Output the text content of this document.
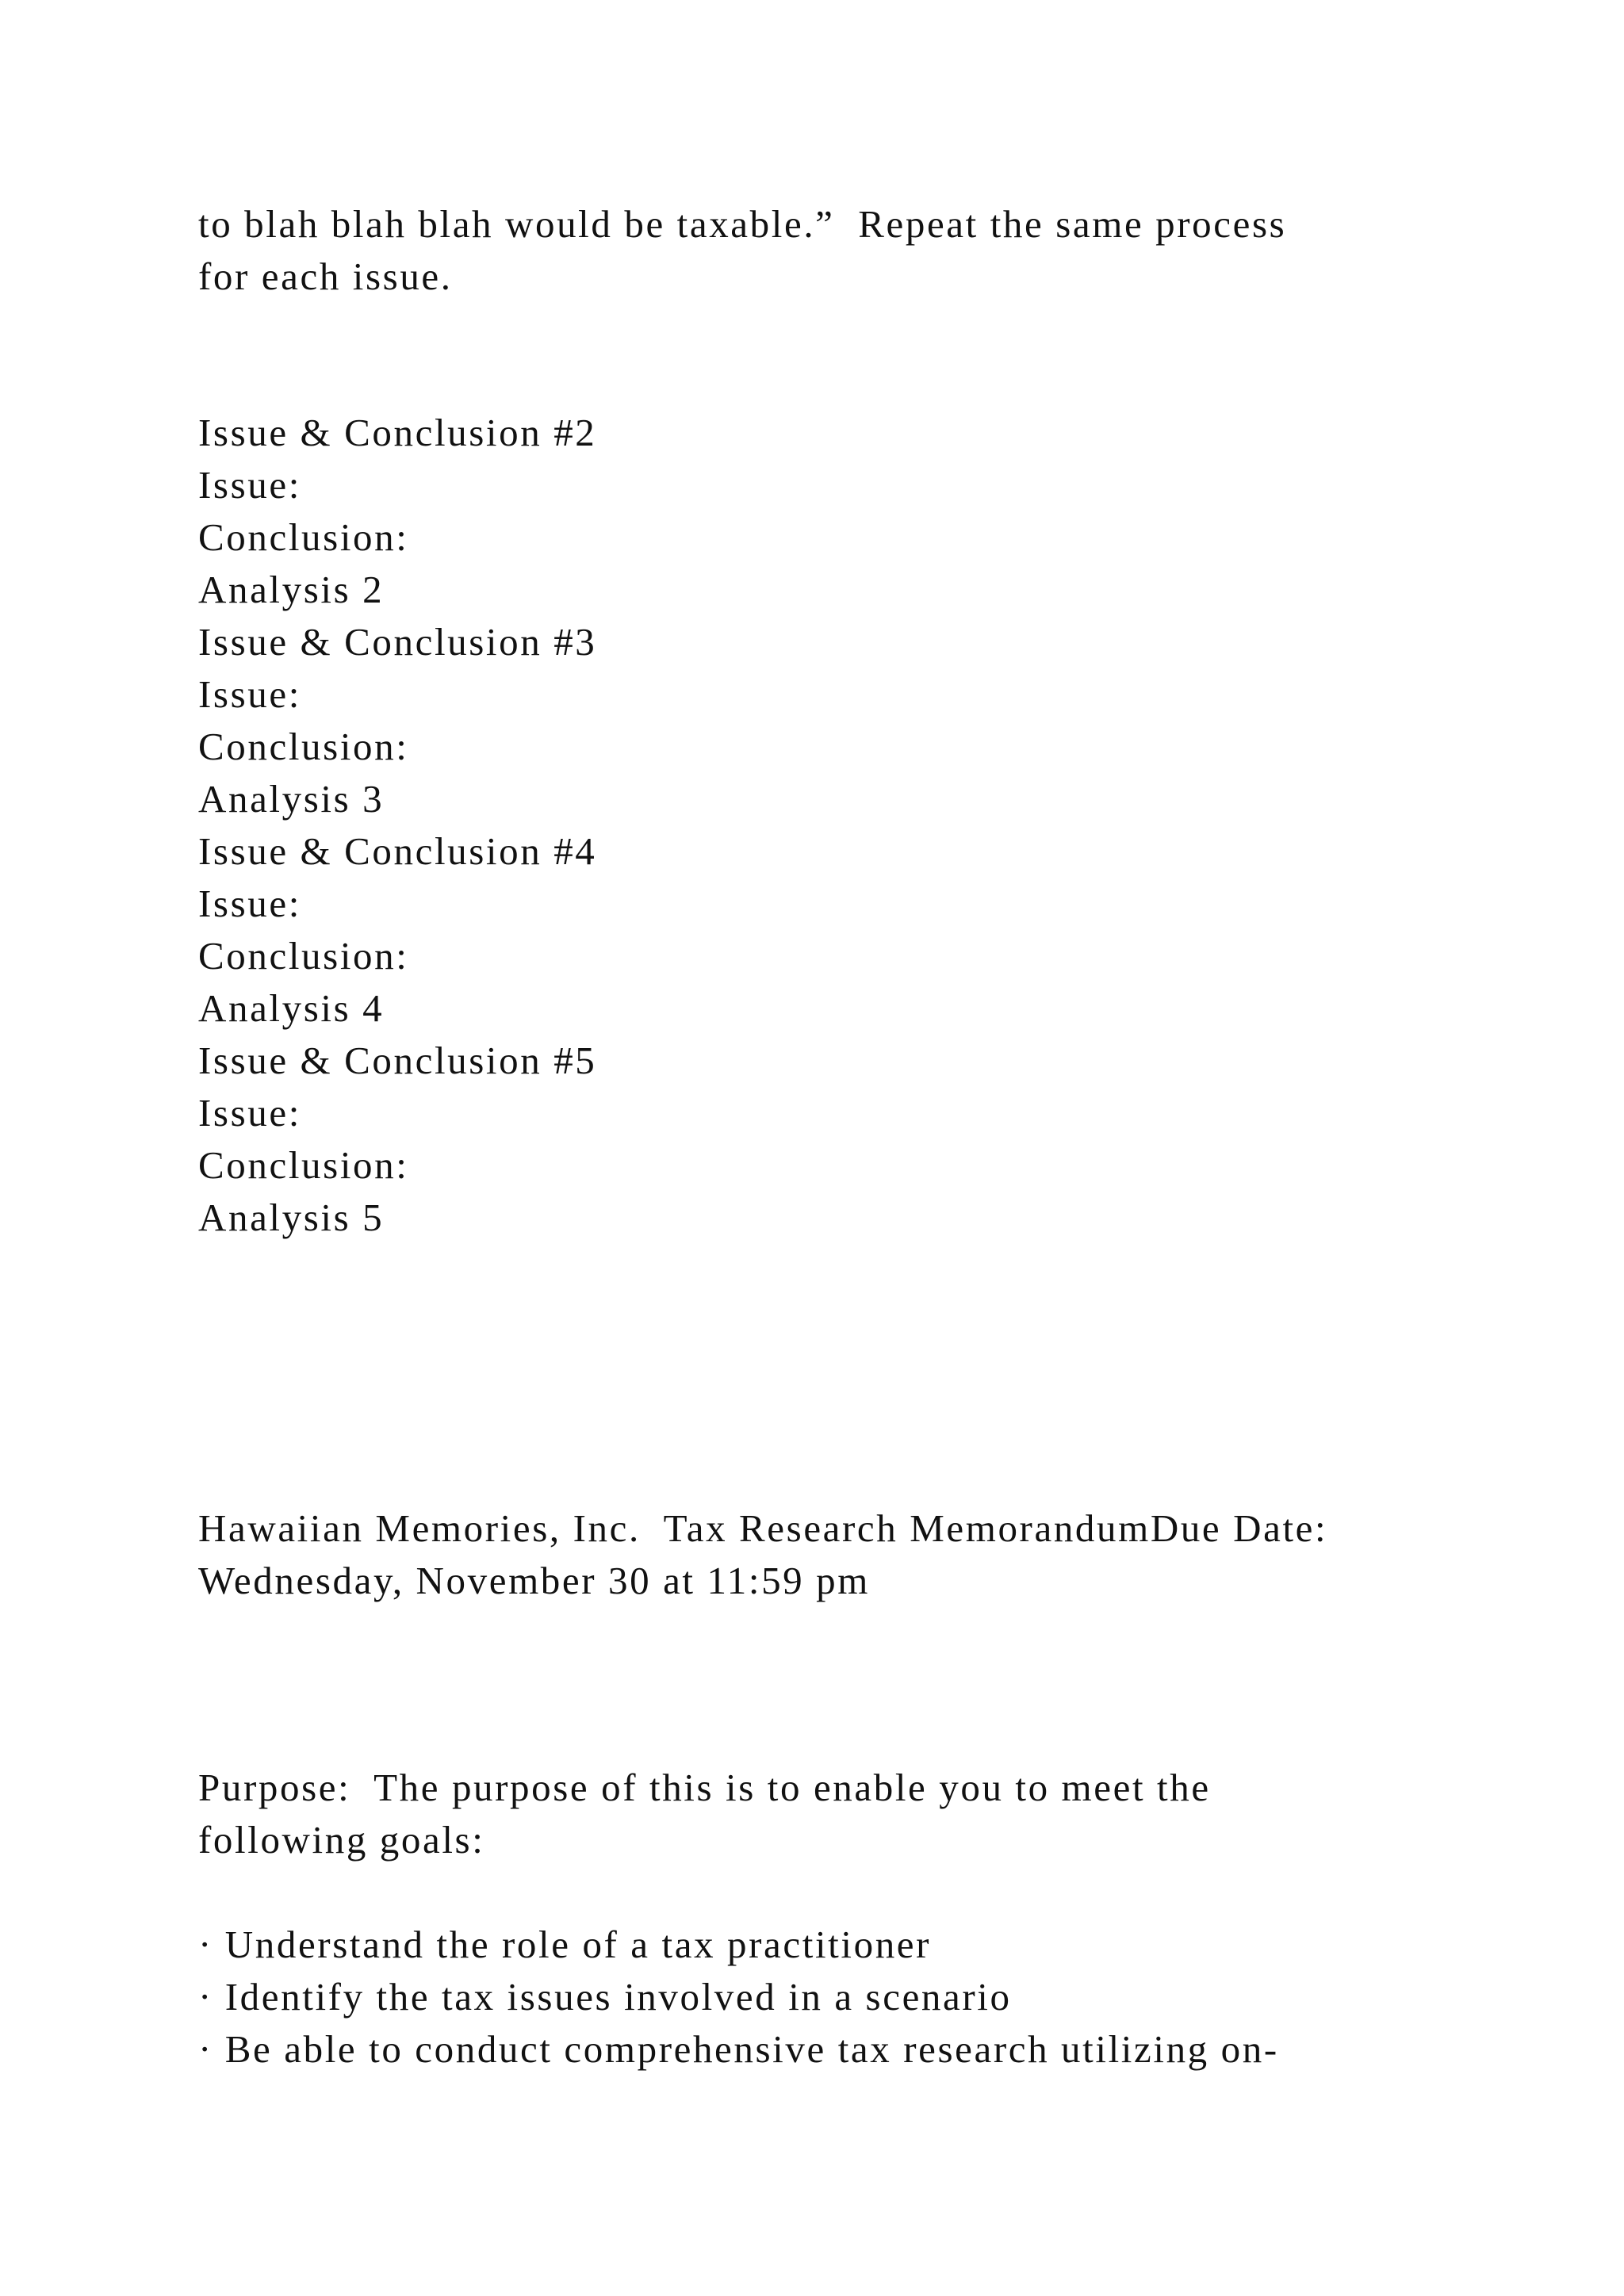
to blah blah blah would be taxable.”  Repeat the same process

for each issue.

Issue & Conclusion #2

Issue:

Conclusion:

Analysis 2

Issue & Conclusion #3

Issue:

Conclusion:

Analysis 3

Issue & Conclusion #4

Issue:

Conclusion:

Analysis 4

Issue & Conclusion #5

Issue:

Conclusion:

Analysis 5

Hawaiian Memories, Inc.  Tax Research MemorandumDue Date:

Wednesday, November 30 at 11:59 pm

Purpose:  The purpose of this is to enable you to meet the

following goals:

· Understand the role of a tax practitioner

· Identify the tax issues involved in a scenario

· Be able to conduct comprehensive tax research utilizing on-
